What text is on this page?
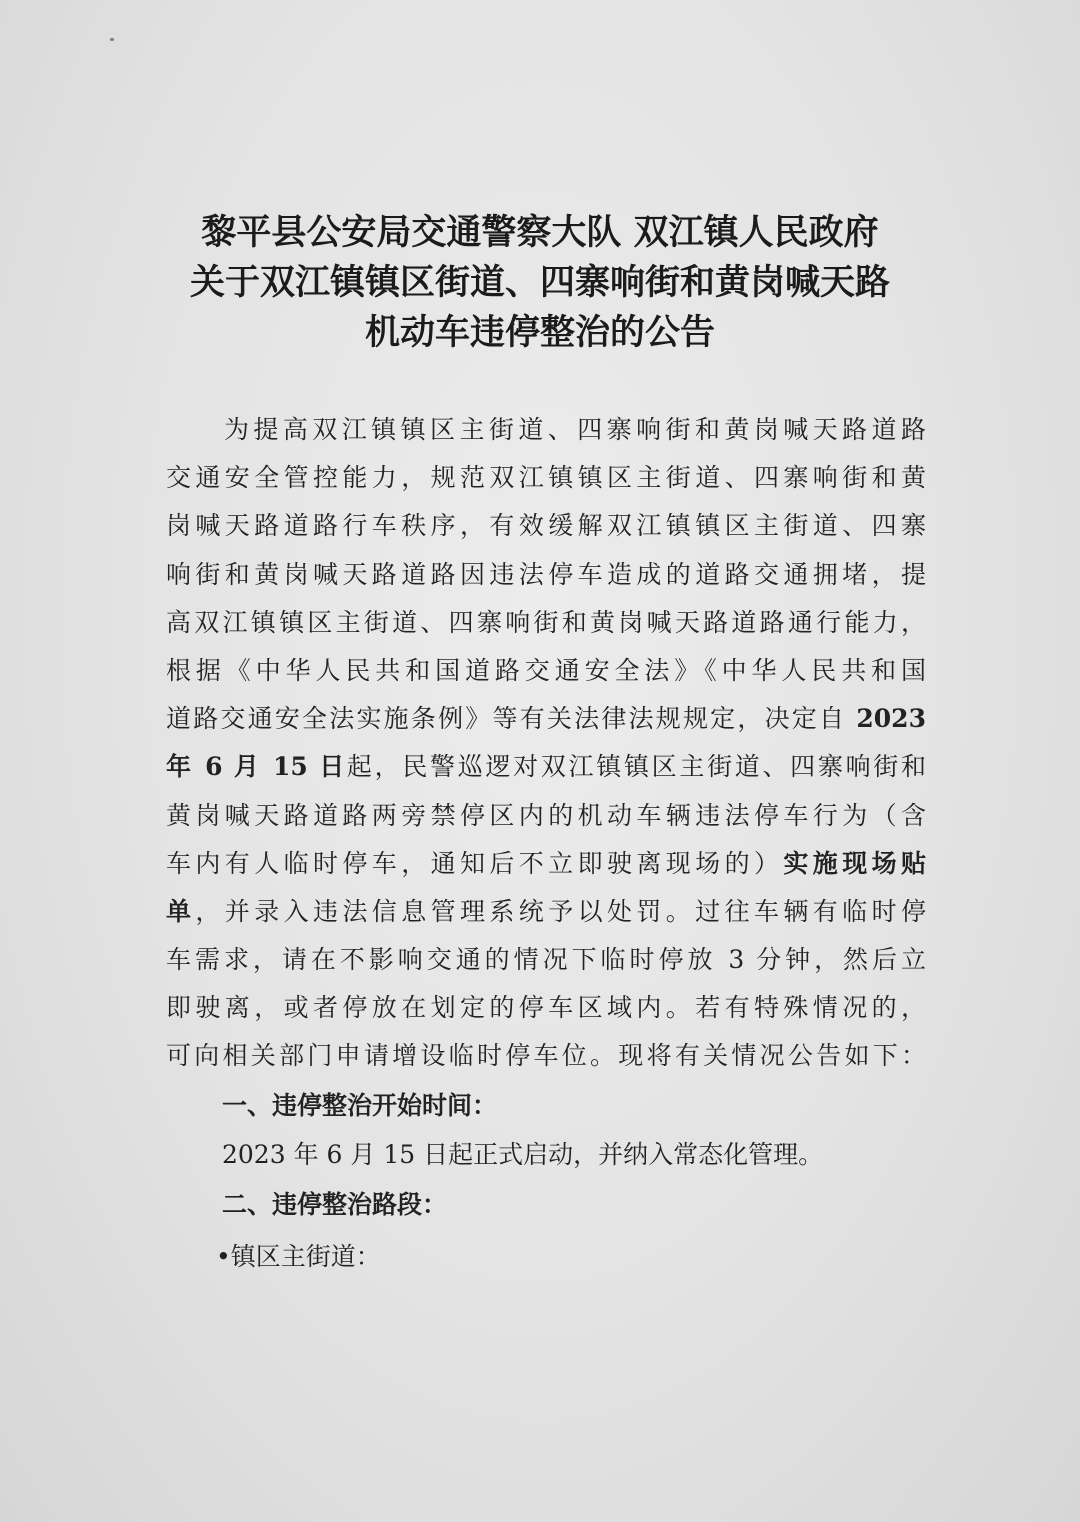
黎平县公安局交通警察大队 双江镇人民政府
关于双江镇镇区街道、四寨响街和黄岗喊天路
机动车违停整治的公告
为提高双江镇镇区主街道、四寨响街和黄岗喊天路道路
交通安全管控能力，规范双江镇镇区主街道、四寨响街和黄
岗喊天路道路行车秩序，有效缓解双江镇镇区主街道、四寨
响街和黄岗喊天路道路因违法停车造成的道路交通拥堵，提
高双江镇镇区主街道、四寨响街和黄岗喊天路道路通行能力，
根据《中华人民共和国道路交通安全法》《中华人民共和国
道路交通安全法实施条例》等有关法律法规规定，决定自 2023
年 6 月 15 日起，民警巡逻对双江镇镇区主街道、四寨响街和
黄岗喊天路道路两旁禁停区内的机动车辆违法停车行为（含
车内有人临时停车，通知后不立即驶离现场的）实施现场贴
单，并录入违法信息管理系统予以处罚。过往车辆有临时停
车需求，请在不影响交通的情况下临时停放 3 分钟，然后立
即驶离，或者停放在划定的停车区域内。若有特殊情况的，
可向相关部门申请增设临时停车位。现将有关情况公告如下：
一、违停整治开始时间：
2023 年 6 月 15 日起正式启动，并纳入常态化管理。
二、违停整治路段：
•镇区主街道：
